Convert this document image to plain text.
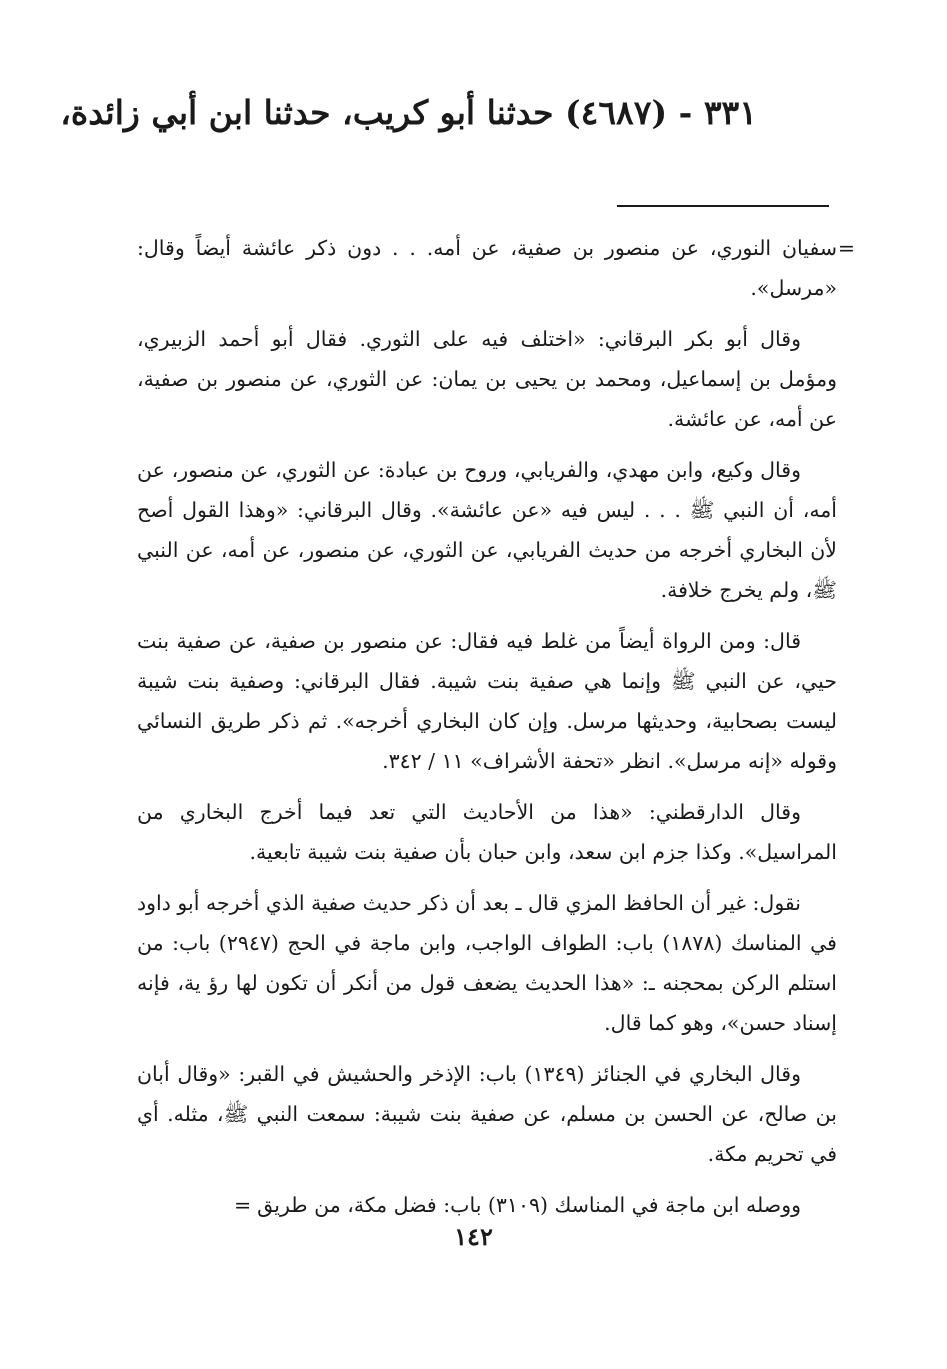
٣٣١ - (٤٦٨٧) حدثنا أبو كريب، حدثنا ابن أبي زائدة،

=
سفيان النوري، عن منصور بن صفية، عن أمه. . . دون ذكر عائشة أيضاً وقال: «مرسل».

وقال أبو بكر البرقاني: «اختلف فيه على الثوري. فقال أبو أحمد الزبيري، ومؤمل بن إسماعيل، ومحمد بن يحيى بن يمان: عن الثوري، عن منصور بن صفية، عن أمه، عن عائشة.

وقال وكيع، وابن مهدي، والفريابي، وروح بن عبادة: عن الثوري، عن منصور، عن أمه، أن النبي ﷺ . . . ليس فيه «عن عائشة». وقال البرقاني: «وهذا القول أصح لأن البخاري أخرجه من حديث الفريابي، عن الثوري، عن منصور، عن أمه، عن النبي ﷺ، ولم يخرج خلافة.

قال: ومن الرواة أيضاً من غلط فيه فقال: عن منصور بن صفية، عن صفية بنت حيي، عن النبي ﷺ وإنما هي صفية بنت شيبة. فقال البرقاني: وصفية بنت شيبة ليست بصحابية، وحديثها مرسل. وإن كان البخاري أخرجه». ثم ذكر طريق النسائي وقوله «إنه مرسل». انظر «تحفة الأشراف» ١١ / ٣٤٢.

وقال الدارقطني: «هذا من الأحاديث التي تعد فيما أخرج البخاري من المراسيل». وكذا جزم ابن سعد، وابن حبان بأن صفية بنت شيبة تابعية.

نقول: غير أن الحافظ المزي قال ـ بعد أن ذكر حديث صفية الذي أخرجه أبو داود في المناسك (١٨٧٨) باب: الطواف الواجب، وابن ماجة في الحج (٢٩٤٧) باب: من استلم الركن بمحجنه ـ: «هذا الحديث يضعف قول من أنكر أن تكون لها رؤ ية، فإنه إسناد حسن»، وهو كما قال.

وقال البخاري في الجنائز (١٣٤٩) باب: الإذخر والحشيش في القبر: «وقال أبان بن صالح، عن الحسن بن مسلم، عن صفية بنت شيبة: سمعت النبي ﷺ، مثله. أي في تحريم مكة.

ووصله ابن ماجة في المناسك (٣١٠٩) باب: فضل مكة، من طريق=

١٤٢
